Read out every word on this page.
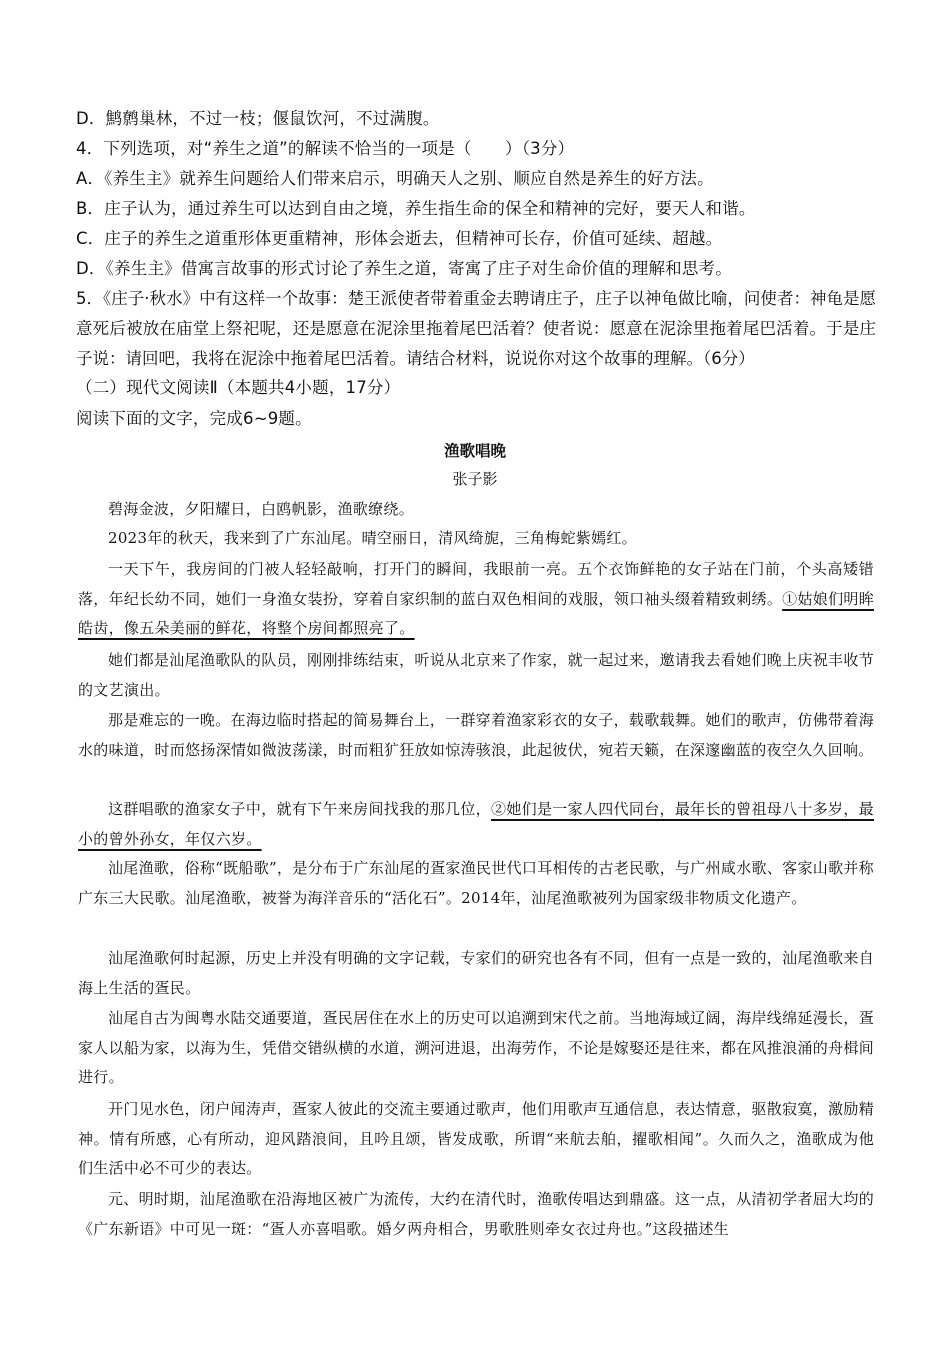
D．鹪鹩巢林，不过一枝；偃鼠饮河，不过满腹。
4．下列选项，对“养生之道”的解读不恰当的一项是（　　）（3分）
A．《养生主》就养生问题给人们带来启示，明确天人之别、顺应自然是养生的好方法。
B．庄子认为，通过养生可以达到自由之境，养生指生命的保全和精神的完好，要天人和谐。
C．庄子的养生之道重形体更重精神，形体会逝去，但精神可长存，价值可延续、超越。
D．《养生主》借寓言故事的形式讨论了养生之道，寄寓了庄子对生命价值的理解和思考。
5．《庄子·秋水》中有这样一个故事：楚王派使者带着重金去聘请庄子，庄子以神龟做比喻，问使者：神龟是愿意死后被放在庙堂上祭祀呢，还是愿意在泥涂里拖着尾巴活着？使者说：愿意在泥涂里拖着尾巴活着。于是庄子说：请回吧，我将在泥涂中拖着尾巴活着。请结合材料，说说你对这个故事的理解。（6分）
（二）现代文阅读Ⅱ（本题共4小题，17分）
阅读下面的文字，完成6~9题。
渔歌唱晚
张子影

碧海金波，夕阳耀日，白鸥帆影，渔歌缭绕。

2023年的秋天，我来到了广东汕尾。晴空丽日，清风绮旎，三角梅蛇紫嫣红。

一天下午，我房间的门被人轻轻敲响，打开门的瞬间，我眼前一亮。五个衣饰鲜艳的女子站在门前，个头高矮错落，年纪长幼不同，她们一身渔女装扮，穿着自家织制的蓝白双色相间的戏服，领口袖头缀着精致刺绣。①姑娘们明眸皓齿，像五朵美丽的鲜花，将整个房间都照亮了。

她们都是汕尾渔歌队的队员，刚刚排练结束，听说从北京来了作家，就一起过来，邀请我去看她们晚上庆祝丰收节的文艺演出。

那是难忘的一晚。在海边临时搭起的简易舞台上，一群穿着渔家彩衣的女子，载歌载舞。她们的歌声，仿佛带着海水的味道，时而悠扬深情如微波荡漾，时而粗犷狂放如惊涛骇浪，此起彼伏，宛若天籁，在深邃幽蓝的夜空久久回响。

这群唱歌的渔家女子中，就有下午来房间找我的那几位，②她们是一家人四代同台，最年长的曾祖母八十多岁，最小的曾外孙女，年仅六岁。

汕尾渔歌，俗称“既船歌”，是分布于广东汕尾的疍家渔民世代口耳相传的古老民歌，与广州咸水歌、客家山歌并称广东三大民歌。汕尾渔歌，被誉为海洋音乐的“活化石”。2014年，汕尾渔歌被列为国家级非物质文化遗产。

汕尾渔歌何时起源，历史上并没有明确的文字记载，专家们的研究也各有不同，但有一点是一致的，汕尾渔歌来自海上生活的疍民。

汕尾自古为闽粤水陆交通要道，疍民居住在水上的历史可以追溯到宋代之前。当地海域辽阔，海岸线绵延漫长，疍家人以船为家，以海为生，凭借交错纵横的水道，溯河进退，出海劳作，不论是嫁娶还是往来，都在风推浪涌的舟楫间进行。

开门见水色，闭户闻涛声，疍家人彼此的交流主要通过歌声，他们用歌声互通信息，表达情意，驱散寂寞，激励精神。情有所感，心有所动，迎风踏浪间，且吟且颂，皆发成歌，所谓“来航去舶，擢歌相闻”。久而久之，渔歌成为他们生活中必不可少的表达。

元、明时期，汕尾渔歌在沿海地区被广为流传，大约在清代时，渔歌传唱达到鼎盛。这一点，从清初学者屈大均的《广东新语》中可见一斑：“疍人亦喜唱歌。婚夕两舟相合，男歌胜则牵女衣过舟也。”这段描述生
